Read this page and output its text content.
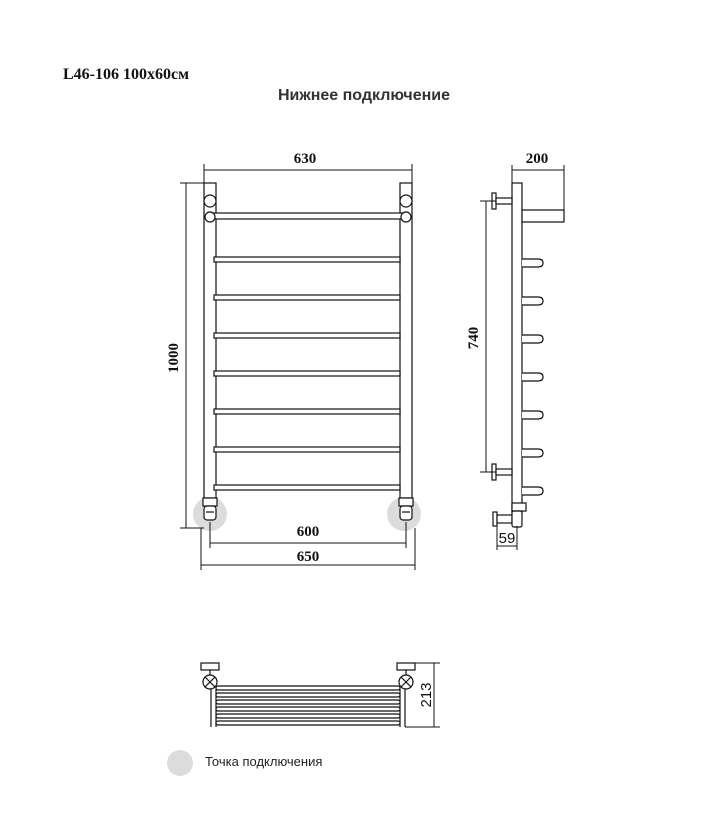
L46-106 100х60см
Нижнее подключение
630
1000
600
650
200
740
59
213
Точка подключения
